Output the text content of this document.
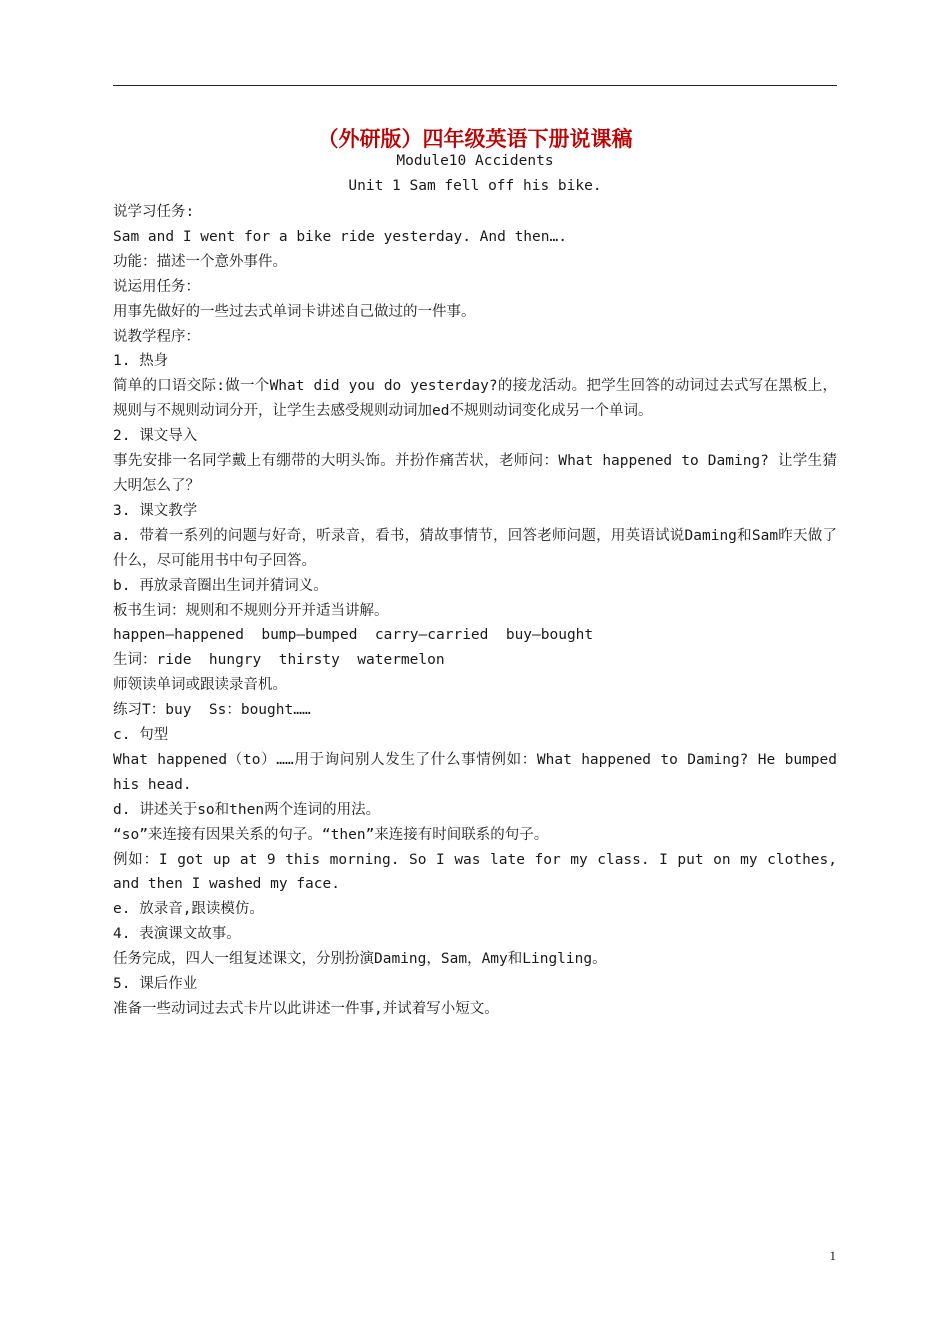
（外研版）四年级英语下册说课稿
Module10 Accidents
Unit 1 Sam fell off his bike.

说学习任务:

Sam and I went for a bike ride yesterday. And then….

功能：描述一个意外事件。

说运用任务：

用事先做好的一些过去式单词卡讲述自己做过的一件事。

说教学程序：

1. 热身

简单的口语交际:做一个What did you do yesterday?的接龙活动。把学生回答的动词过去式写在黑板上，规则与不规则动词分开，让学生去感受规则动词加ed不规则动词变化成另一个单词。

2. 课文导入

事先安排一名同学戴上有绷带的大明头饰。并扮作痛苦状，老师问：What happened to Daming? 让学生猜大明怎么了？

3. 课文教学

a. 带着一系列的问题与好奇，听录音，看书，猜故事情节，回答老师问题，用英语试说Daming和Sam昨天做了什么，尽可能用书中句子回答。

b. 再放录音圈出生词并猜词义。

板书生词：规则和不规则分开并适当讲解。

happen—happened  bump—bumped  carry—carried  buy—bought

生词：ride  hungry  thirsty  watermelon

师领读单词或跟读录音机。

练习T：buy  Ss：bought……

c. 句型

What happened（to）……用于询问别人发生了什么事情例如：What happened to Daming? He bumped his head.

d. 讲述关于so和then两个连词的用法。

“so”来连接有因果关系的句子。“then”来连接有时间联系的句子。

例如：I got up at 9 this morning. So I was late for my class. I put on my clothes, and then I washed my face.

e. 放录音,跟读模仿。

4. 表演课文故事。

任务完成，四人一组复述课文，分别扮演Daming，Sam，Amy和Lingling。

5. 课后作业

准备一些动词过去式卡片以此讲述一件事,并试着写小短文。

1
